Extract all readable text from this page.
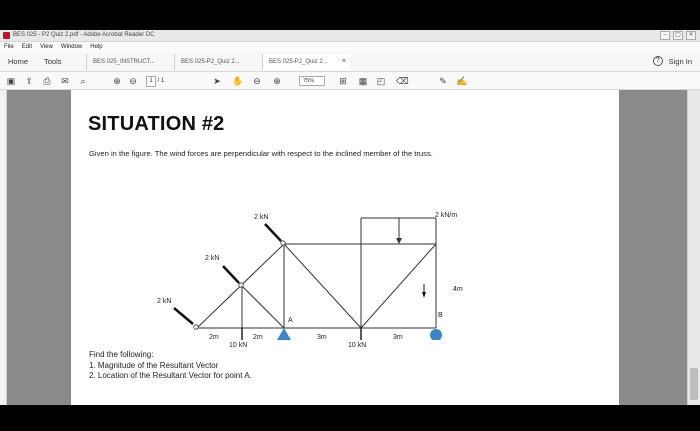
BES 025 - P2 Quiz 2.pdf - Adobe Acrobat Reader DC	–	▢	✕
File Edit View Window Help
Home Tools	BES 025_INSTRUCT...	BES 025-P2_Quiz 2...	BES 025-P2_Quiz 2... ×	?	Sign In
▣ ⇪ ⎙ ✉ ⌕	⊕ ⊖	1 / 1	➤ ✋ ⊖ ⊕	75%	⊞ ▦ ◰ ⌫	✎ ✍
SITUATION #2
Given in the figure. The wind forces are perpendicular with respect to the inclined member of the truss.
2 kN
2 kN
2 kN
2 kN/m
4m
2m	2m	3m	3m
A
B
10 kN	10 kN
Find the following:
1. Magnitude of the Resultant Vector
2. Location of the Resultant Vector for point A.
